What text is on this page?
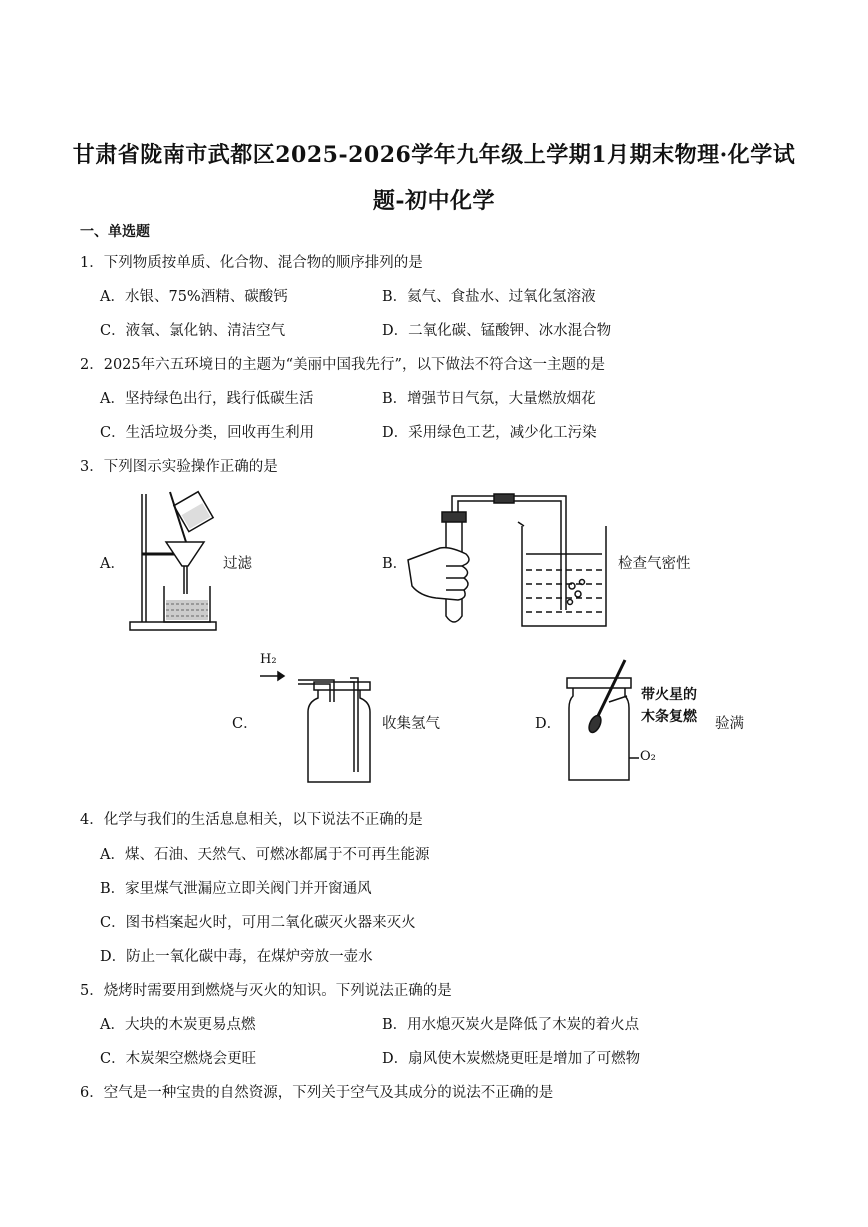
甘肃省陇南市武都区2025-2026学年九年级上学期1月期末物理·化学试
题-初中化学
一、单选题
1．下列物质按单质、化合物、混合物的顺序排列的是
A．水银、75%酒精、碳酸钙	B．氦气、食盐水、过氧化氢溶液
C．液氧、氯化钠、清洁空气	D．二氧化碳、锰酸钾、冰水混合物
2．2025年六五环境日的主题为“美丽中国我先行”，以下做法不符合这一主题的是
A．坚持绿色出行，践行低碳生活	B．增强节日气氛，大量燃放烟花
C．生活垃圾分类，回收再生利用	D．采用绿色工艺，减少化工污染
3．下列图示实验操作正确的是
A．	过滤	B．	检查气密性
C．
H₂
收集氢气	D．
带火星的
木条复燃 验满
O₂
4．化学与我们的生活息息相关，以下说法不正确的是
A．煤、石油、天然气、可燃冰都属于不可再生能源
B．家里煤气泄漏应立即关阀门并开窗通风
C．图书档案起火时，可用二氧化碳灭火器来灭火
D．防止一氧化碳中毒，在煤炉旁放一壶水
5．烧烤时需要用到燃烧与灭火的知识。下列说法正确的是
A．大块的木炭更易点燃	B．用水熄灭炭火是降低了木炭的着火点
C．木炭架空燃烧会更旺	D．扇风使木炭燃烧更旺是增加了可燃物
6．空气是一种宝贵的自然资源，下列关于空气及其成分的说法不正确的是
